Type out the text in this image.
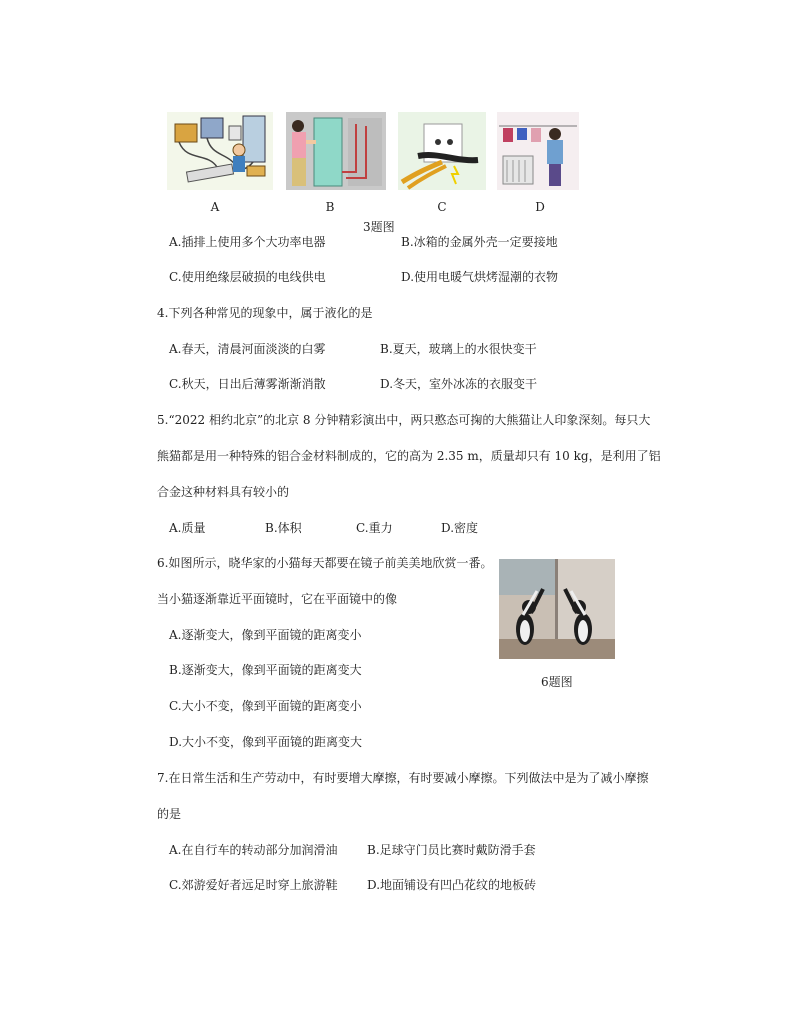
A	B	C	D
3题图
A.插排上使用多个大功率电器	B.冰箱的金属外壳一定要接地
C.使用绝缘层破损的电线供电	D.使用电暖气烘烤湿潮的衣物
4.下列各种常见的现象中，属于液化的是
A.春天，清晨河面淡淡的白雾	B.夏天，玻璃上的水很快变干
C.秋天，日出后薄雾渐渐消散	D.冬天，室外冰冻的衣服变干
5.“2022 相约北京”的北京 8 分钟精彩演出中，两只憨态可掬的大熊猫让人印象深刻。每只大
熊猫都是用一种特殊的铝合金材料制成的，它的高为 2.35 m，质量却只有 10 kg，是利用了铝
合金这种材料具有较小的
A.质量	B.体积	C.重力	D.密度
6.如图所示，晓华家的小猫每天都要在镜子前美美地欣赏一番。
当小猫逐渐靠近平面镜时，它在平面镜中的像
A.逐渐变大，像到平面镜的距离变小
B.逐渐变大，像到平面镜的距离变大
C.大小不变，像到平面镜的距离变小
D.大小不变，像到平面镜的距离变大
6题图
7.在日常生活和生产劳动中，有时要增大摩擦，有时要减小摩擦。下列做法中是为了减小摩擦
的是
A.在自行车的转动部分加润滑油 B.足球守门员比赛时戴防滑手套
C.郊游爱好者远足时穿上旅游鞋 D.地面铺设有凹凸花纹的地板砖
